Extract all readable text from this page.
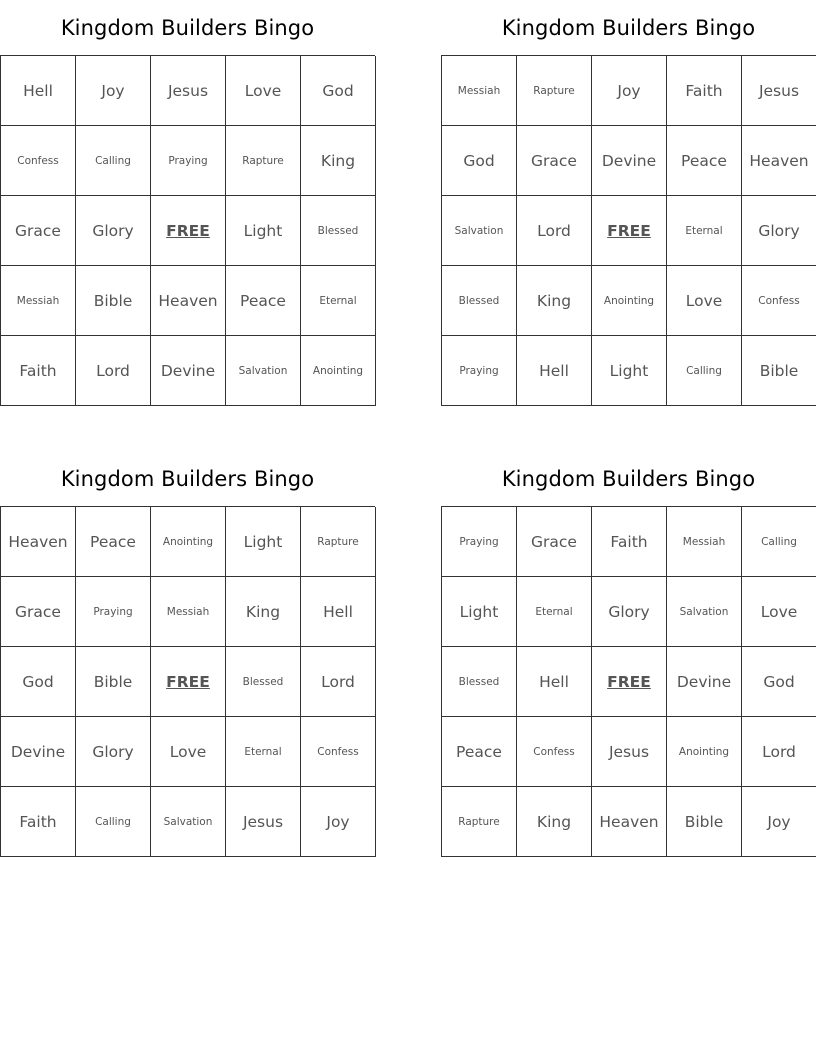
Kingdom Builders Bingo
Hell	Joy	Jesus	Love	God
Confess	Calling	Praying	Rapture	King
Grace	Glory	FREE	Light	Blessed
Messiah	Bible	Heaven	Peace	Eternal
Faith	Lord	Devine	Salvation	Anointing
Kingdom Builders Bingo
Messiah	Rapture	Joy	Faith	Jesus
God	Grace	Devine	Peace	Heaven
Salvation	Lord	FREE	Eternal	Glory
Blessed	King	Anointing	Love	Confess
Praying	Hell	Light	Calling	Bible
Kingdom Builders Bingo
Heaven	Peace	Anointing	Light	Rapture
Grace	Praying	Messiah	King	Hell
God	Bible	FREE	Blessed	Lord
Devine	Glory	Love	Eternal	Confess
Faith	Calling	Salvation	Jesus	Joy
Kingdom Builders Bingo
Praying	Grace	Faith	Messiah	Calling
Light	Eternal	Glory	Salvation	Love
Blessed	Hell	FREE	Devine	God
Peace	Confess	Jesus	Anointing	Lord
Rapture	King	Heaven	Bible	Joy
